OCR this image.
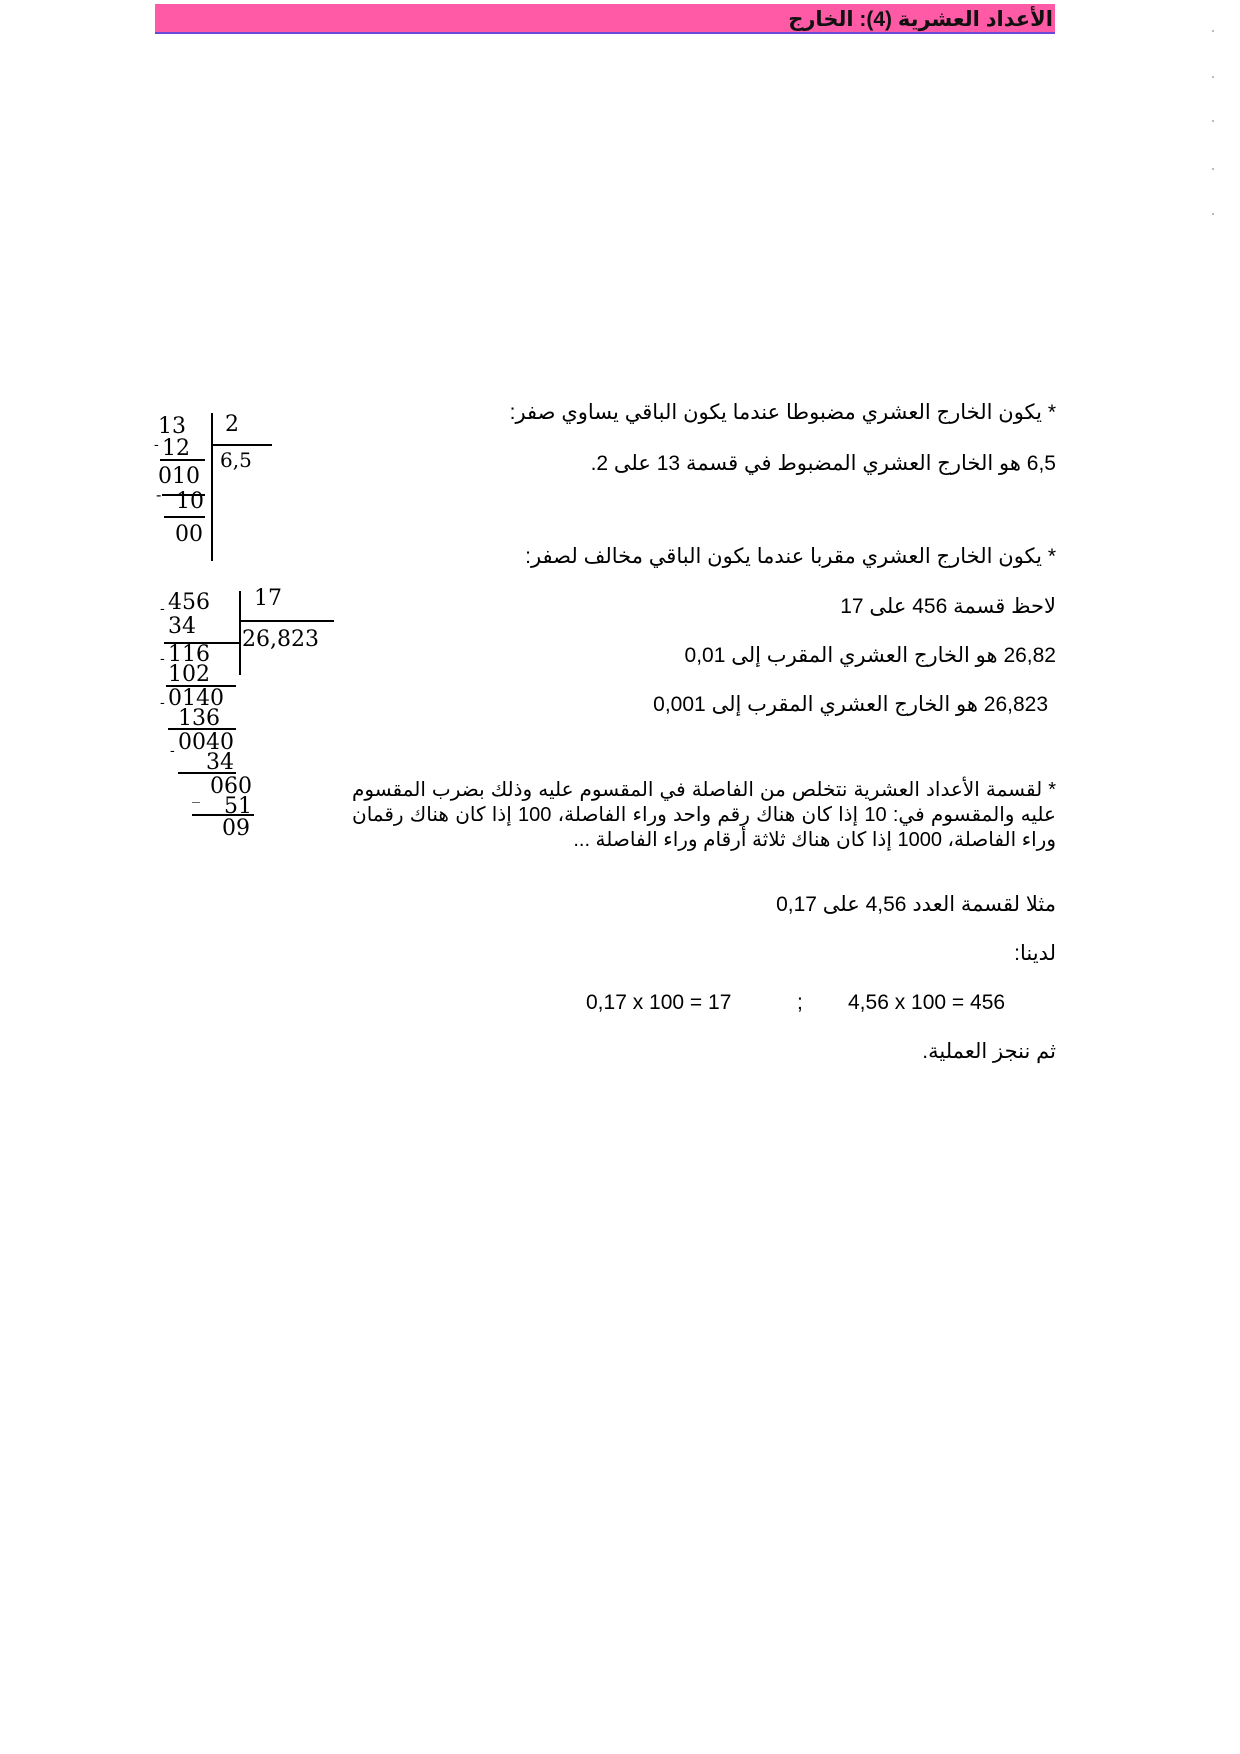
الأعداد العشرية (4): الخارج
* يكون الخارج العشري مضبوطا عندما يكون الباقي يساوي صفر:
6,5 هو الخارج العشري المضبوط في قسمة 13 على 2.
* يكون الخارج العشري مقربا عندما يكون الباقي مخالف لصفر:
لاحظ قسمة 456 على 17
26,82 هو الخارج العشري المقرب إلى 0,01
26,823 هو الخارج العشري المقرب إلى 0,001
* لقسمة الأعداد العشرية نتخلص من الفاصلة في المقسوم عليه وذلك بضرب المقسوم عليه والمقسوم في: 10 إذا كان هناك رقم واحد وراء الفاصلة، 100 إذا كان هناك رقمان وراء الفاصلة، 1000 إذا كان هناك ثلاثة أرقام وراء الفاصلة ...
مثلا لقسمة العدد 4,56 على 0,17
لدينا:
0,17 x 100 = 17	; 4,56 x 100 = 456
ثم ننجز العملية.
13 2
6,5
- 12
010
- 10
00
456 17
26,823
-
34
116
-
102
0140
-
136
0040
- 34
060
_
51
09
